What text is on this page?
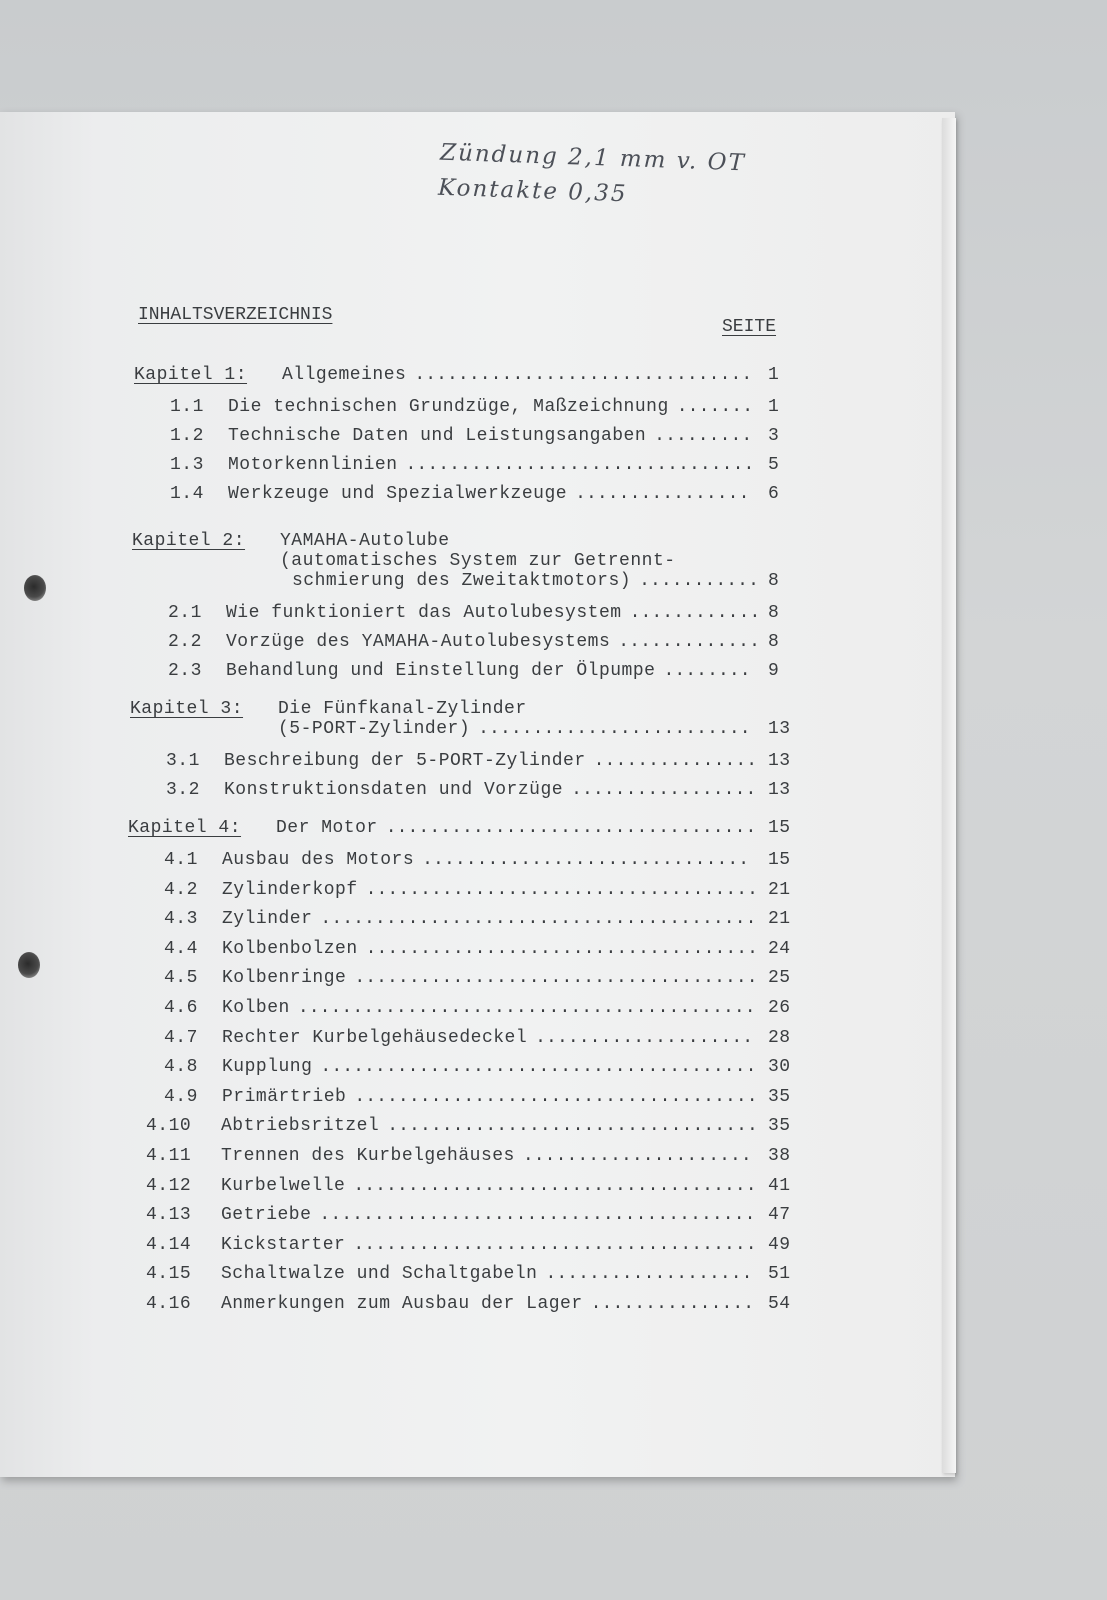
Zündung 2,1 mm v. OT
Kontakte 0,35
INHALTSVERZEICHNIS
SEITE
Kapitel 1: Allgemeines	1
...............................
1.1 Die technischen Grundzüge, Maßzeichnung	1
.......
1.2 Technische Daten und Leistungsangaben	3
.........
1.3 Motorkennlinien	5
................................
1.4 Werkzeuge und Spezialwerkzeuge	6
................
Kapitel 2: YAMAHA-Autolube
(automatisches System zur Getrennt-
schmierung des Zweitaktmotors)	8
...........
2.1 Wie funktioniert das Autolubesystem	8
............
2.2 Vorzüge des YAMAHA-Autolubesystems	8
.............
2.3 Behandlung und Einstellung der Ölpumpe	9
........
Kapitel 3: Die Fünfkanal-Zylinder
(5-PORT-Zylinder)	13
.........................
3.1 Beschreibung der 5-PORT-Zylinder	13
...............
3.2 Konstruktionsdaten und Vorzüge	13
.................
Kapitel 4: Der Motor	15
..................................
4.1 Ausbau des Motors	15
..............................
4.2 Zylinderkopf	21
....................................
4.3 Zylinder	21
........................................
4.4 Kolbenbolzen	24
....................................
4.5 Kolbenringe	25
.....................................
4.6 Kolben	26
..........................................
4.7 Rechter Kurbelgehäusedeckel	28
....................
4.8 Kupplung	30
........................................
4.9 Primärtrieb	35
.....................................
4.10 Abtriebsritzel	35
..................................
4.11 Trennen des Kurbelgehäuses	38
.....................
4.12 Kurbelwelle	41
.....................................
4.13 Getriebe	47
........................................
4.14 Kickstarter	49
.....................................
4.15 Schaltwalze und Schaltgabeln	51
...................
4.16 Anmerkungen zum Ausbau der Lager	54
...............
